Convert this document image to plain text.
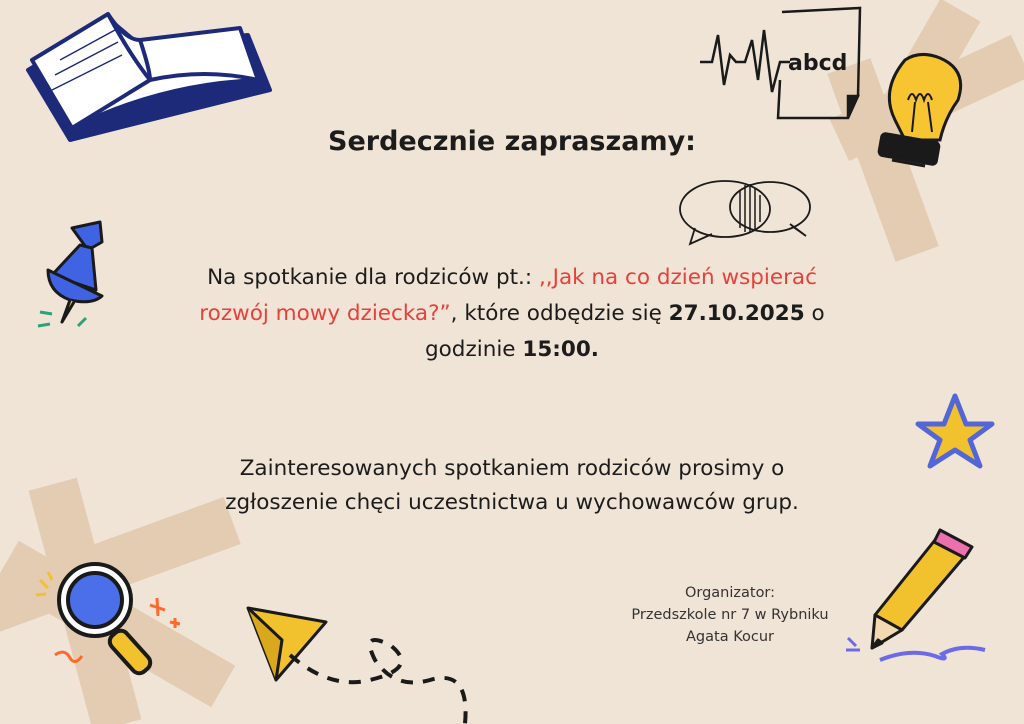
abcd
Serdecznie zapraszamy:
Na spotkanie dla rodziców pt.: ,,Jak na co dzień wspierać
rozwój mowy dziecka?”, które odbędzie się 27.10.2025 o
godzinie 15:00.
Zainteresowanych spotkaniem rodziców prosimy o
zgłoszenie chęci uczestnictwa u wychowawców grup.
Organizator:
Przedszkole nr 7 w Rybniku
Agata Kocur
